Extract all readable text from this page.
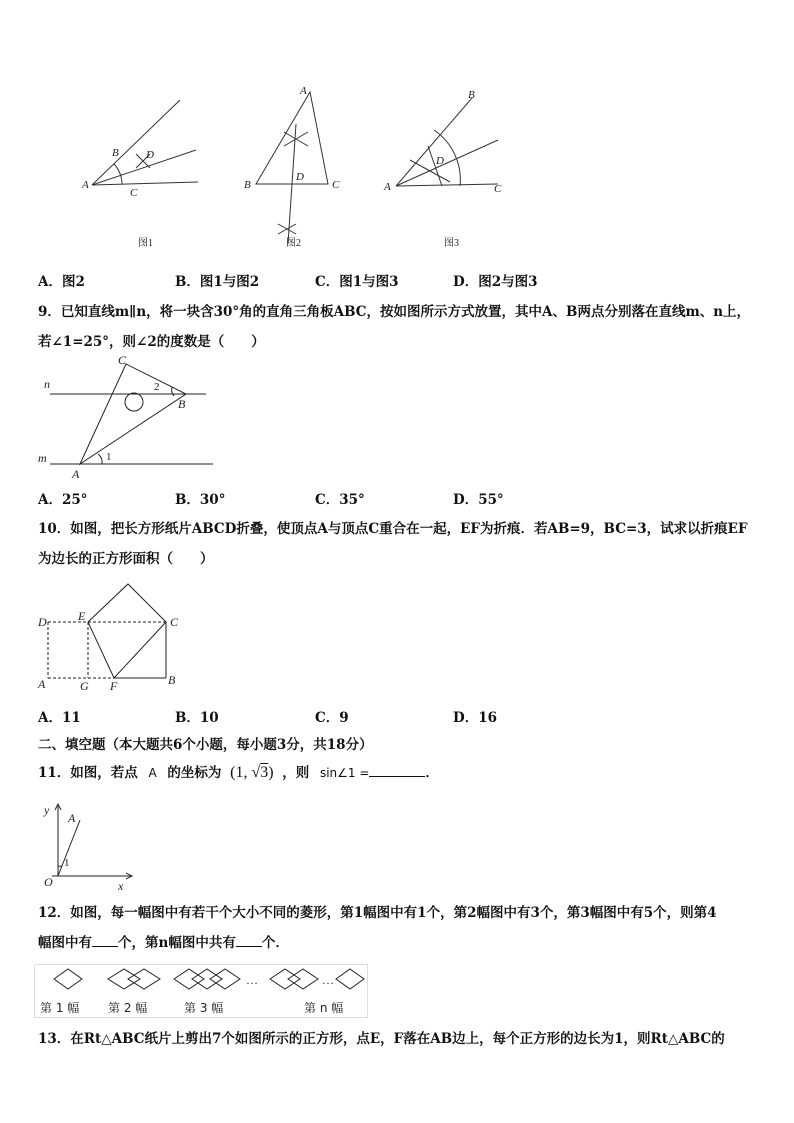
B D
A
C
图1
A
B
D
C
图2
B
D
A	C
图3
A．图2	B．图1与图2	C．图1与图3	D．图2与图3
9．已知直线m∥n，将一块含30°角的直角三角板ABC，按如图所示方式放置，其中A、B两点分别落在直线m、n上，
若∠1=25°，则∠2的度数是（　　）
n
m
C
B
A
1
2
A．25°	B．30°	C．35°	D．55°
10．如图，把长方形纸片ABCD折叠，使顶点A与顶点C重合在一起，EF为折痕．若AB=9，BC=3，试求以折痕EF
为边长的正方形面积（　　）
D	E	C
A	G F	B
A．11	B．10	C．9	D．16
二、填空题（本大题共6个小题，每小题3分，共18分）
11．如图，若点 A 的坐标为 (1, √3) ，则 sin∠1 =	．
y
A
1
O	x
12．如图，每一幅图中有若干个大小不同的菱形，第1幅图中有1个，第2幅图中有3个，第3幅图中有5个，则第4
幅图中有 个，第n幅图中共有 个．
…	…
第 1 幅 第 2 幅	第 3 幅	第 n 幅
13．在Rt△ABC纸片上剪出7个如图所示的正方形，点E，F落在AB边上，每个正方形的边长为1，则Rt△ABC的
